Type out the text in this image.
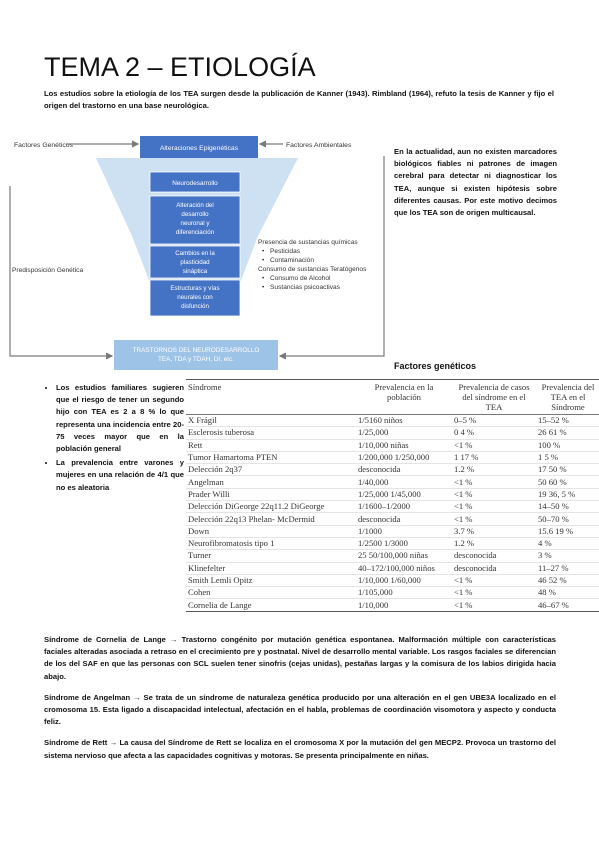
TEMA 2 – ETIOLOGÍA
Los estudios sobre la etiología de los TEA surgen desde la publicación de Kanner (1943). Rimbland (1964), refuto la tesis de Kanner y fijo el origen del trastorno en una base neurológica.
Alteraciones Epigenéticas
Factores Genéticos	Factores Ambientales
Neurodesarrollo
Alteración del
desarrollo
neuronal y
diferenciación
Cambios en la
plasticidad
sináptica
Estructuras y vías
neurales con
disfunción
Predisposición Genética
Presencia de sustancias químicas
• Pesticidas
• Contaminación
Consumo de sustancias Teratógenos
• Consumo de Alcohol
• Sustancias psicoactivas
TRASTORNOS DEL NEURODESARROLLO
TEA, TDA y TDAH, DI, etc.
En la actualidad, aun no existen marcadores biológicos fiables ni patrones de imagen cerebral para detectar ni diagnosticar los TEA, aunque si existen hipótesis sobre diferentes causas. Por este motivo decimos que los TEA son de origen multicausal.
• Los estudios familiares sugieren que el riesgo de tener un segundo hijo con TEA es 2 a 8 % lo que representa una incidencia entre 20-75 veces mayor que en la población general
• La prevalencia entre varones y mujeres en una relación de 4/1 que no es aleatoria
Factores genéticos
Síndrome	Prevalencia en la población	Prevalencia de casos del síndrome en el TEA	Prevalencia del TEA en el Síndrome
X Frágil	1/5160 niños	0–5 %	15–52 %
Esclerosis tuberosa	1/25,000	0 4 %	26 61 %
Rett	1/10,000 niñas	<1 %	100 %
Tumor Hamartoma PTEN	1/200,000 1/250,000	1 17 %	1 5 %
Delección 2q37	desconocida	1.2 %	17 50 %
Angelman	1/40,000	<1 %	50 60 %
Prader Willi	1/25,000 1/45,000	<1 %	19 36, 5 %
Delección DiGeorge 22q11.2 DiGeorge	1/1600–1/2000	<1 %	14–50 %
Delección 22q13 Phelan- McDermid	desconocida	<1 %	50–70 %
Down	1/1000	3.7 %	15.6 19 %
Neurofibromatosis tipo 1	1/2500 1/3000	1.2 %	4 %
Turner	25 50/100,000 niñas	desconocida	3 %
Klinefelter	40–172/100,000 niños	desconocida	11–27 %
Smith Lemli Opitz	1/10,000 1/60,000	<1 %	46 52 %
Cohen	1/105,000	<1 %	48 %
Cornelia de Lange	1/10,000	<1 %	46–67 %
Síndrome de Cornelia de Lange → Trastorno congénito por mutación genética espontanea. Malformación múltiple con características faciales alteradas asociada a retraso en el crecimiento pre y postnatal. Nivel de desarrollo mental variable. Los rasgos faciales se diferencian de los del SAF en que las personas con SCL suelen tener sinofris (cejas unidas), pestañas largas y la comisura de los labios dirigida hacia abajo.
Síndrome de Angelman → Se trata de un síndrome de naturaleza genética producido por una alteración en el gen UBE3A localizado en el cromosoma 15. Esta ligado a discapacidad intelectual, afectación en el habla, problemas de coordinación visomotora y aspecto y conducta feliz.
Síndrome de Rett → La causa del Síndrome de Rett se localiza en el cromosoma X por la mutación del gen MECP2. Provoca un trastorno del sistema nervioso que afecta a las capacidades cognitivas y motoras. Se presenta principalmente en niñas.
